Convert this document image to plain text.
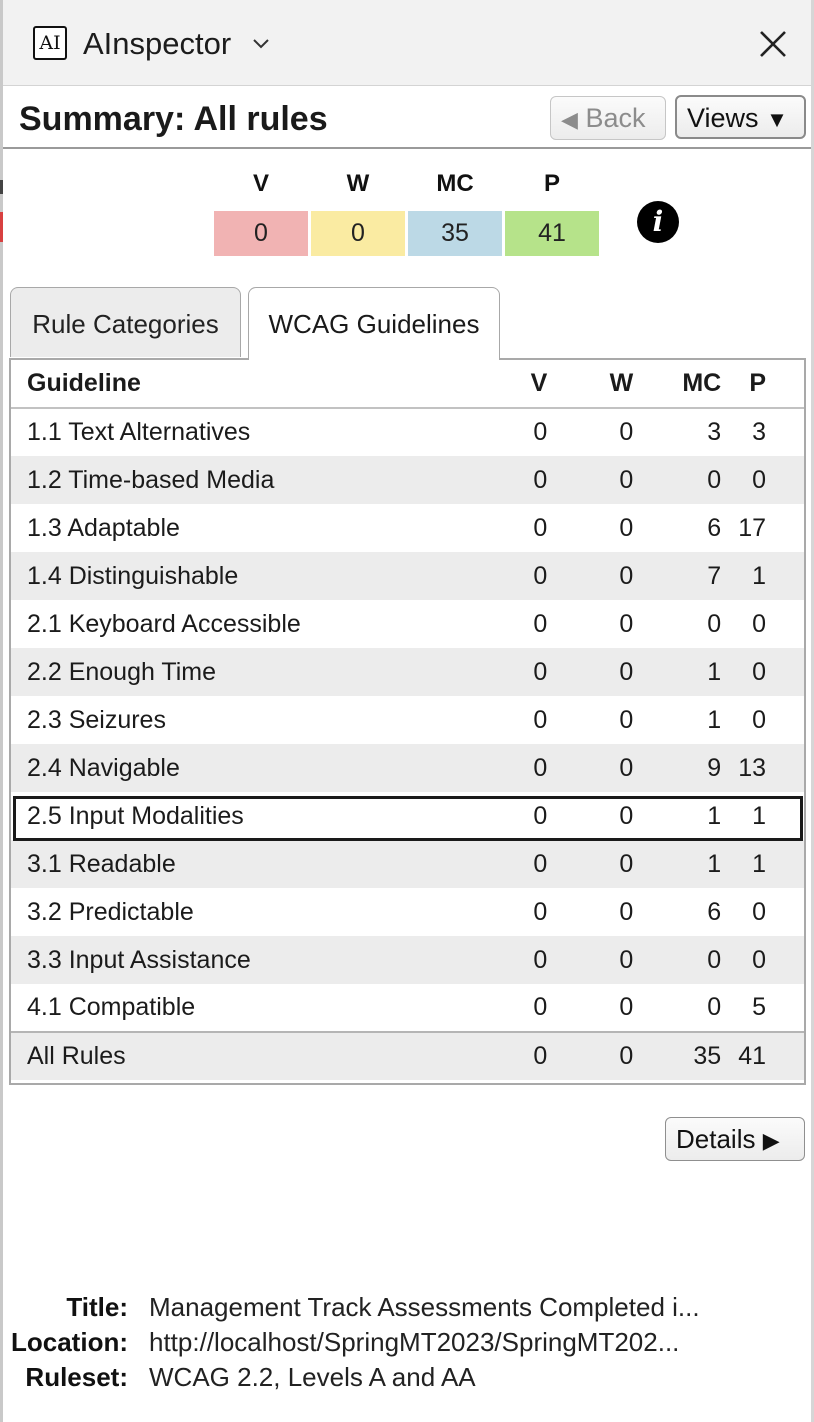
AI AInspector
Summary: All rules	◀ Back	Views ▼
V	W	MC	P
0	0	35	41	i
Rule Categories	WCAG Guidelines
Guideline	V	W	MC	P
1.1 Text Alternatives	0	0	3	3
1.2 Time-based Media	0	0	0	0
1.3 Adaptable	0	0	6	17
1.4 Distinguishable	0	0	7	1
2.1 Keyboard Accessible	0	0	0	0
2.2 Enough Time	0	0	1	0
2.3 Seizures	0	0	1	0
2.4 Navigable	0	0	9	13
2.5 Input Modalities	0	0	1	1
3.1 Readable	0	0	1	1
3.2 Predictable	0	0	6	0
3.3 Input Assistance	0	0	0	0
4.1 Compatible	0	0	0	5
All Rules	0	0	35	41
Details ▶
Title: Management Track Assessments Completed i...
Location: http://localhost/SpringMT2023/SpringMT202...
Ruleset: WCAG 2.2, Levels A and AA
